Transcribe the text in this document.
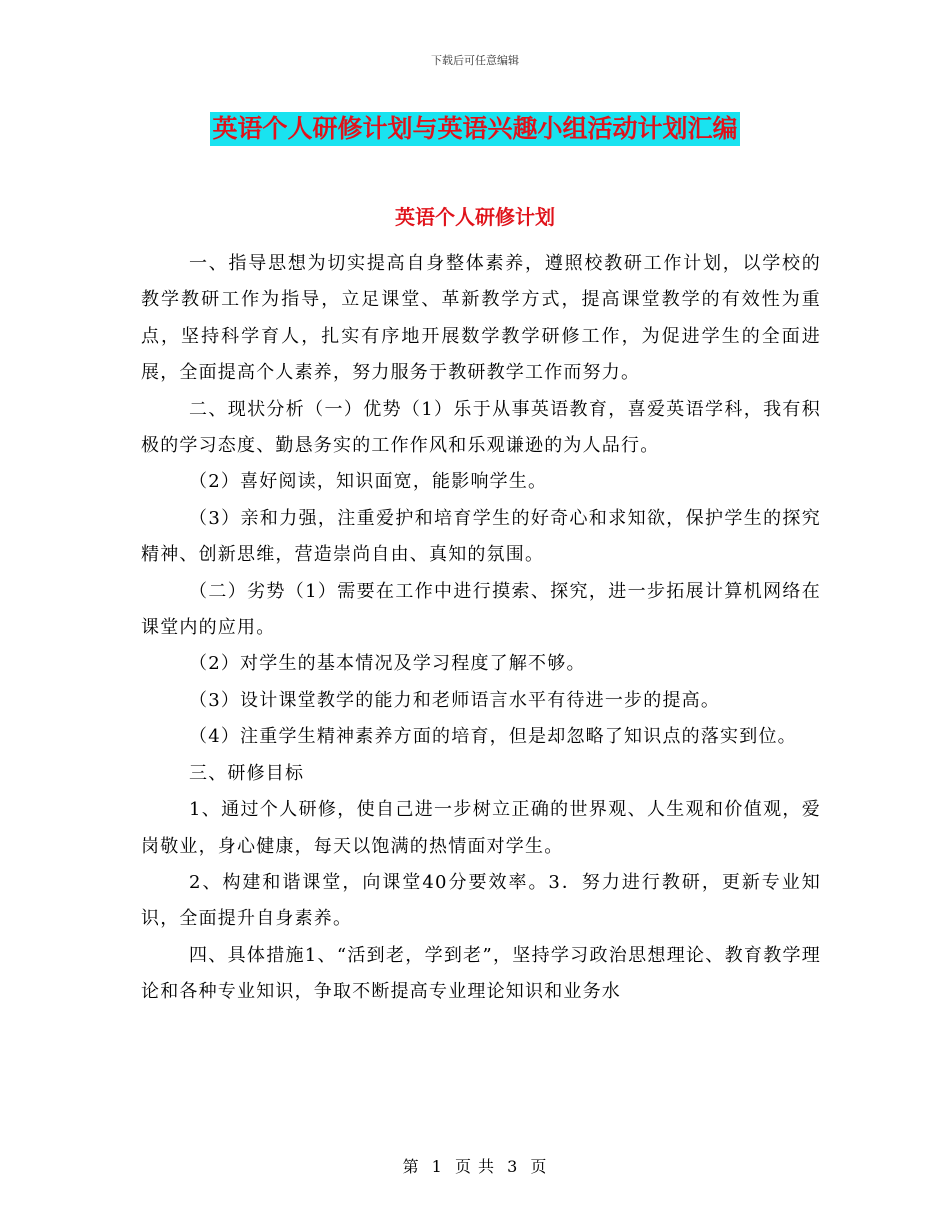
下载后可任意编辑
英语个人研修计划与英语兴趣小组活动计划汇编
英语个人研修计划

一、指导思想为切实提高自身整体素养，遵照校教研工作计划，以学校的教学教研工作为指导，立足课堂、革新教学方式，提高课堂教学的有效性为重点，坚持科学育人，扎实有序地开展数学教学研修工作，为促进学生的全面进展，全面提高个人素养，努力服务于教研教学工作而努力。

二、现状分析（一）优势（1）乐于从事英语教育，喜爱英语学科，我有积极的学习态度、勤恳务实的工作作风和乐观谦逊的为人品行。

（2）喜好阅读，知识面宽，能影响学生。

（3）亲和力强，注重爱护和培育学生的好奇心和求知欲，保护学生的探究精神、创新思维，营造崇尚自由、真知的氛围。

（二）劣势（1）需要在工作中进行摸索、探究，进一步拓展计算机网络在课堂内的应用。

（2）对学生的基本情况及学习程度了解不够。

（3）设计课堂教学的能力和老师语言水平有待进一步的提高。

（4）注重学生精神素养方面的培育，但是却忽略了知识点的落实到位。

三、研修目标

1、通过个人研修，使自己进一步树立正确的世界观、人生观和价值观，爱岗敬业，身心健康，每天以饱满的热情面对学生。

2、构建和谐课堂，向课堂40分要效率。3．努力进行教研，更新专业知识，全面提升自身素养。

四、具体措施1、“活到老，学到老”，坚持学习政治思想理论、教育教学理论和各种专业知识，争取不断提高专业理论知识和业务水

第 1 页 共 3 页
